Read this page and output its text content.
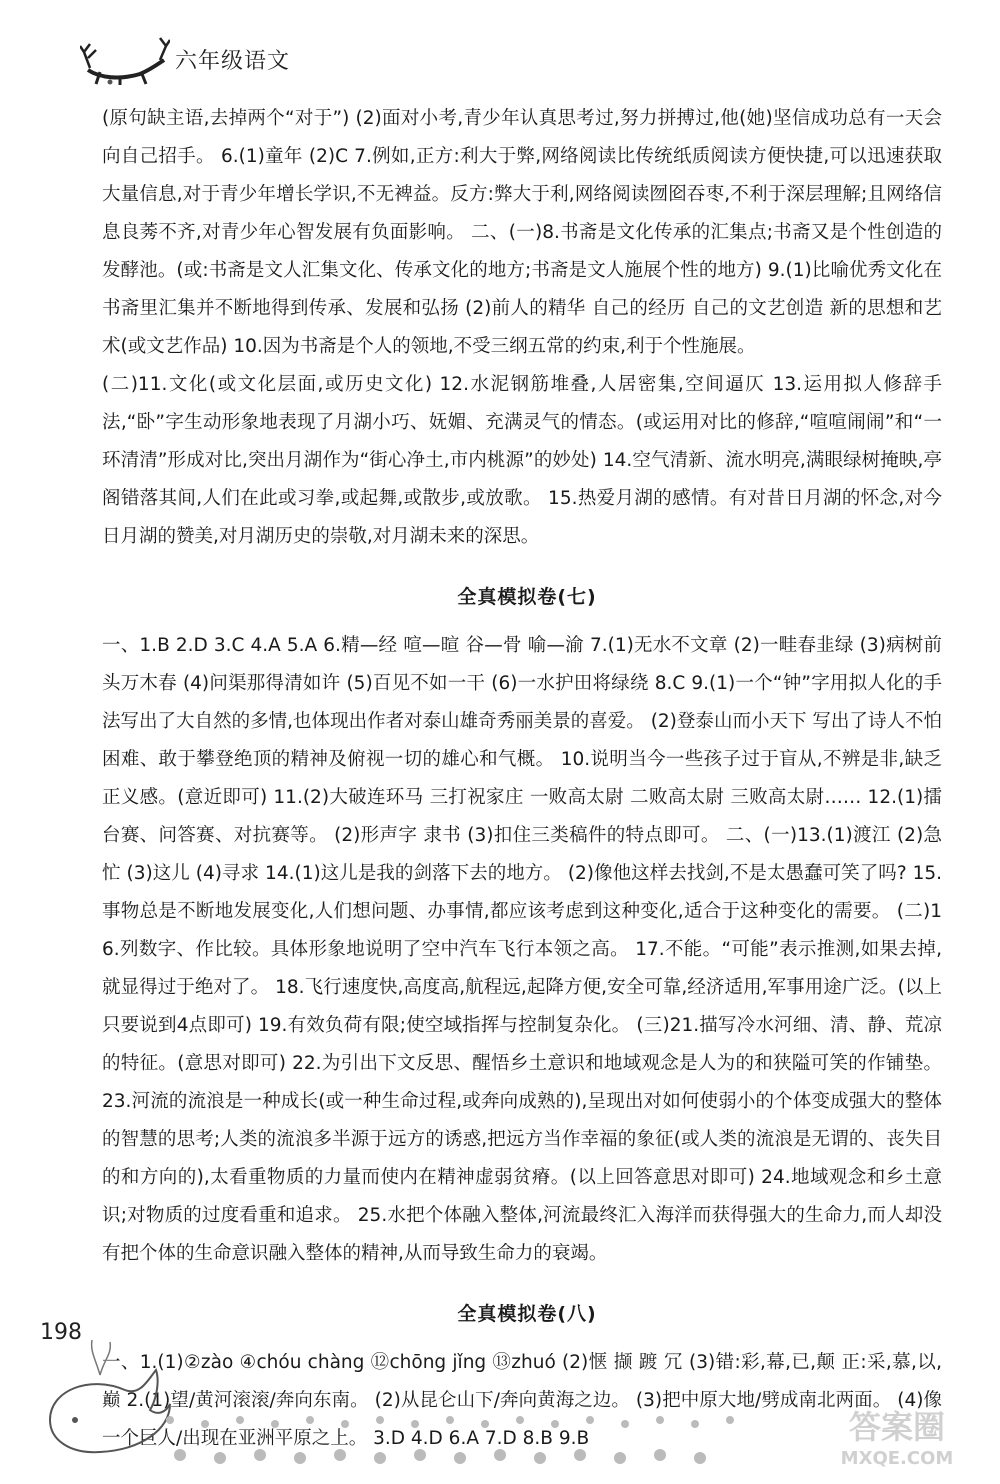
六年级语文

(原句缺主语,去掉两个“对于”) (2)面对小考,青少年认真思考过,努力拼搏过,他(她)坚信成功总有一天会向自己招手。 6.(1)童年 (2)C 7.例如,正方:利大于弊,网络阅读比传统纸质阅读方便快捷,可以迅速获取大量信息,对于青少年增长学识,不无裨益。反方:弊大于利,网络阅读囫囵吞枣,不利于深层理解;且网络信息良莠不齐,对青少年心智发展有负面影响。 二、(一)8.书斋是文化传承的汇集点;书斋又是个性创造的发酵池。(或:书斋是文人汇集文化、传承文化的地方;书斋是文人施展个性的地方) 9.(1)比喻优秀文化在书斋里汇集并不断地得到传承、发展和弘扬 (2)前人的精华 自己的经历 自己的文艺创造 新的思想和艺术(或文艺作品) 10.因为书斋是个人的领地,不受三纲五常的约束,利于个性施展。

(二)11.文化(或文化层面,或历史文化) 12.水泥钢筋堆叠,人居密集,空间逼仄 13.运用拟人修辞手法,“卧”字生动形象地表现了月湖小巧、妩媚、充满灵气的情态。(或运用对比的修辞,“喧喧闹闹”和“一环清清”形成对比,突出月湖作为“街心净土,市内桃源”的妙处) 14.空气清新、流水明亮,满眼绿树掩映,亭阁错落其间,人们在此或习拳,或起舞,或散步,或放歌。 15.热爱月湖的感情。有对昔日月湖的怀念,对今日月湖的赞美,对月湖历史的崇敬,对月湖未来的深思。

全真模拟卷(七)

一、1.B 2.D 3.C 4.A 5.A 6.精—经 喧—暄 谷—骨 喻—渝 7.(1)无水不文章 (2)一畦春韭绿 (3)病树前头万木春 (4)问渠那得清如许 (5)百见不如一干 (6)一水护田将绿绕 8.C 9.(1)一个“钟”字用拟人化的手法写出了大自然的多情,也体现出作者对泰山雄奇秀丽美景的喜爱。 (2)登泰山而小天下 写出了诗人不怕困难、敢于攀登绝顶的精神及俯视一切的雄心和气概。 10.说明当今一些孩子过于盲从,不辨是非,缺乏正义感。(意近即可) 11.(2)大破连环马 三打祝家庄 一败高太尉 二败高太尉 三败高太尉…… 12.(1)擂台赛、问答赛、对抗赛等。 (2)形声字 隶书 (3)扣住三类稿件的特点即可。 二、(一)13.(1)渡江 (2)急忙 (3)这儿 (4)寻求 14.(1)这儿是我的剑落下去的地方。 (2)像他这样去找剑,不是太愚蠢可笑了吗? 15.事物总是不断地发展变化,人们想问题、办事情,都应该考虑到这种变化,适合于这种变化的需要。 (二)16.列数字、作比较。具体形象地说明了空中汽车飞行本领之高。 17.不能。“可能”表示推测,如果去掉,就显得过于绝对了。 18.飞行速度快,高度高,航程远,起降方便,安全可靠,经济适用,军事用途广泛。(以上只要说到4点即可) 19.有效负荷有限;使空域指挥与控制复杂化。 (三)21.描写冷水河细、清、静、荒凉的特征。(意思对即可) 22.为引出下文反思、醒悟乡土意识和地域观念是人为的和狭隘可笑的作铺垫。 23.河流的流浪是一种成长(或一种生命过程,或奔向成熟的),呈现出对如何使弱小的个体变成强大的整体的智慧的思考;人类的流浪多半源于远方的诱惑,把远方当作幸福的象征(或人类的流浪是无谓的、丧失目的和方向的),太看重物质的力量而使内在精神虚弱贫瘠。(以上回答意思对即可) 24.地域观念和乡土意识;对物质的过度看重和追求。 25.水把个体融入整体,河流最终汇入海洋而获得强大的生命力,而人却没有把个体的生命意识融入整体的精神,从而导致生命力的衰竭。

全真模拟卷(八)

一、1.(1)②zào ④chóu chàng ⑫chōng jǐng ⑬zhuó (2)惬 撷 踱 冗 (3)错:彩,幕,已,颠 正:采,慕,以,巅 2.(1)望/黄河滚滚/奔向东南。 (2)从昆仑山下/奔向黄海之边。 (3)把中原大地/劈成南北两面。 (4)像一个巨人/出现在亚洲平原之上。 3.D 4.D 6.A 7.D 8.B 9.B

198
答案圈
MXQE.COM
